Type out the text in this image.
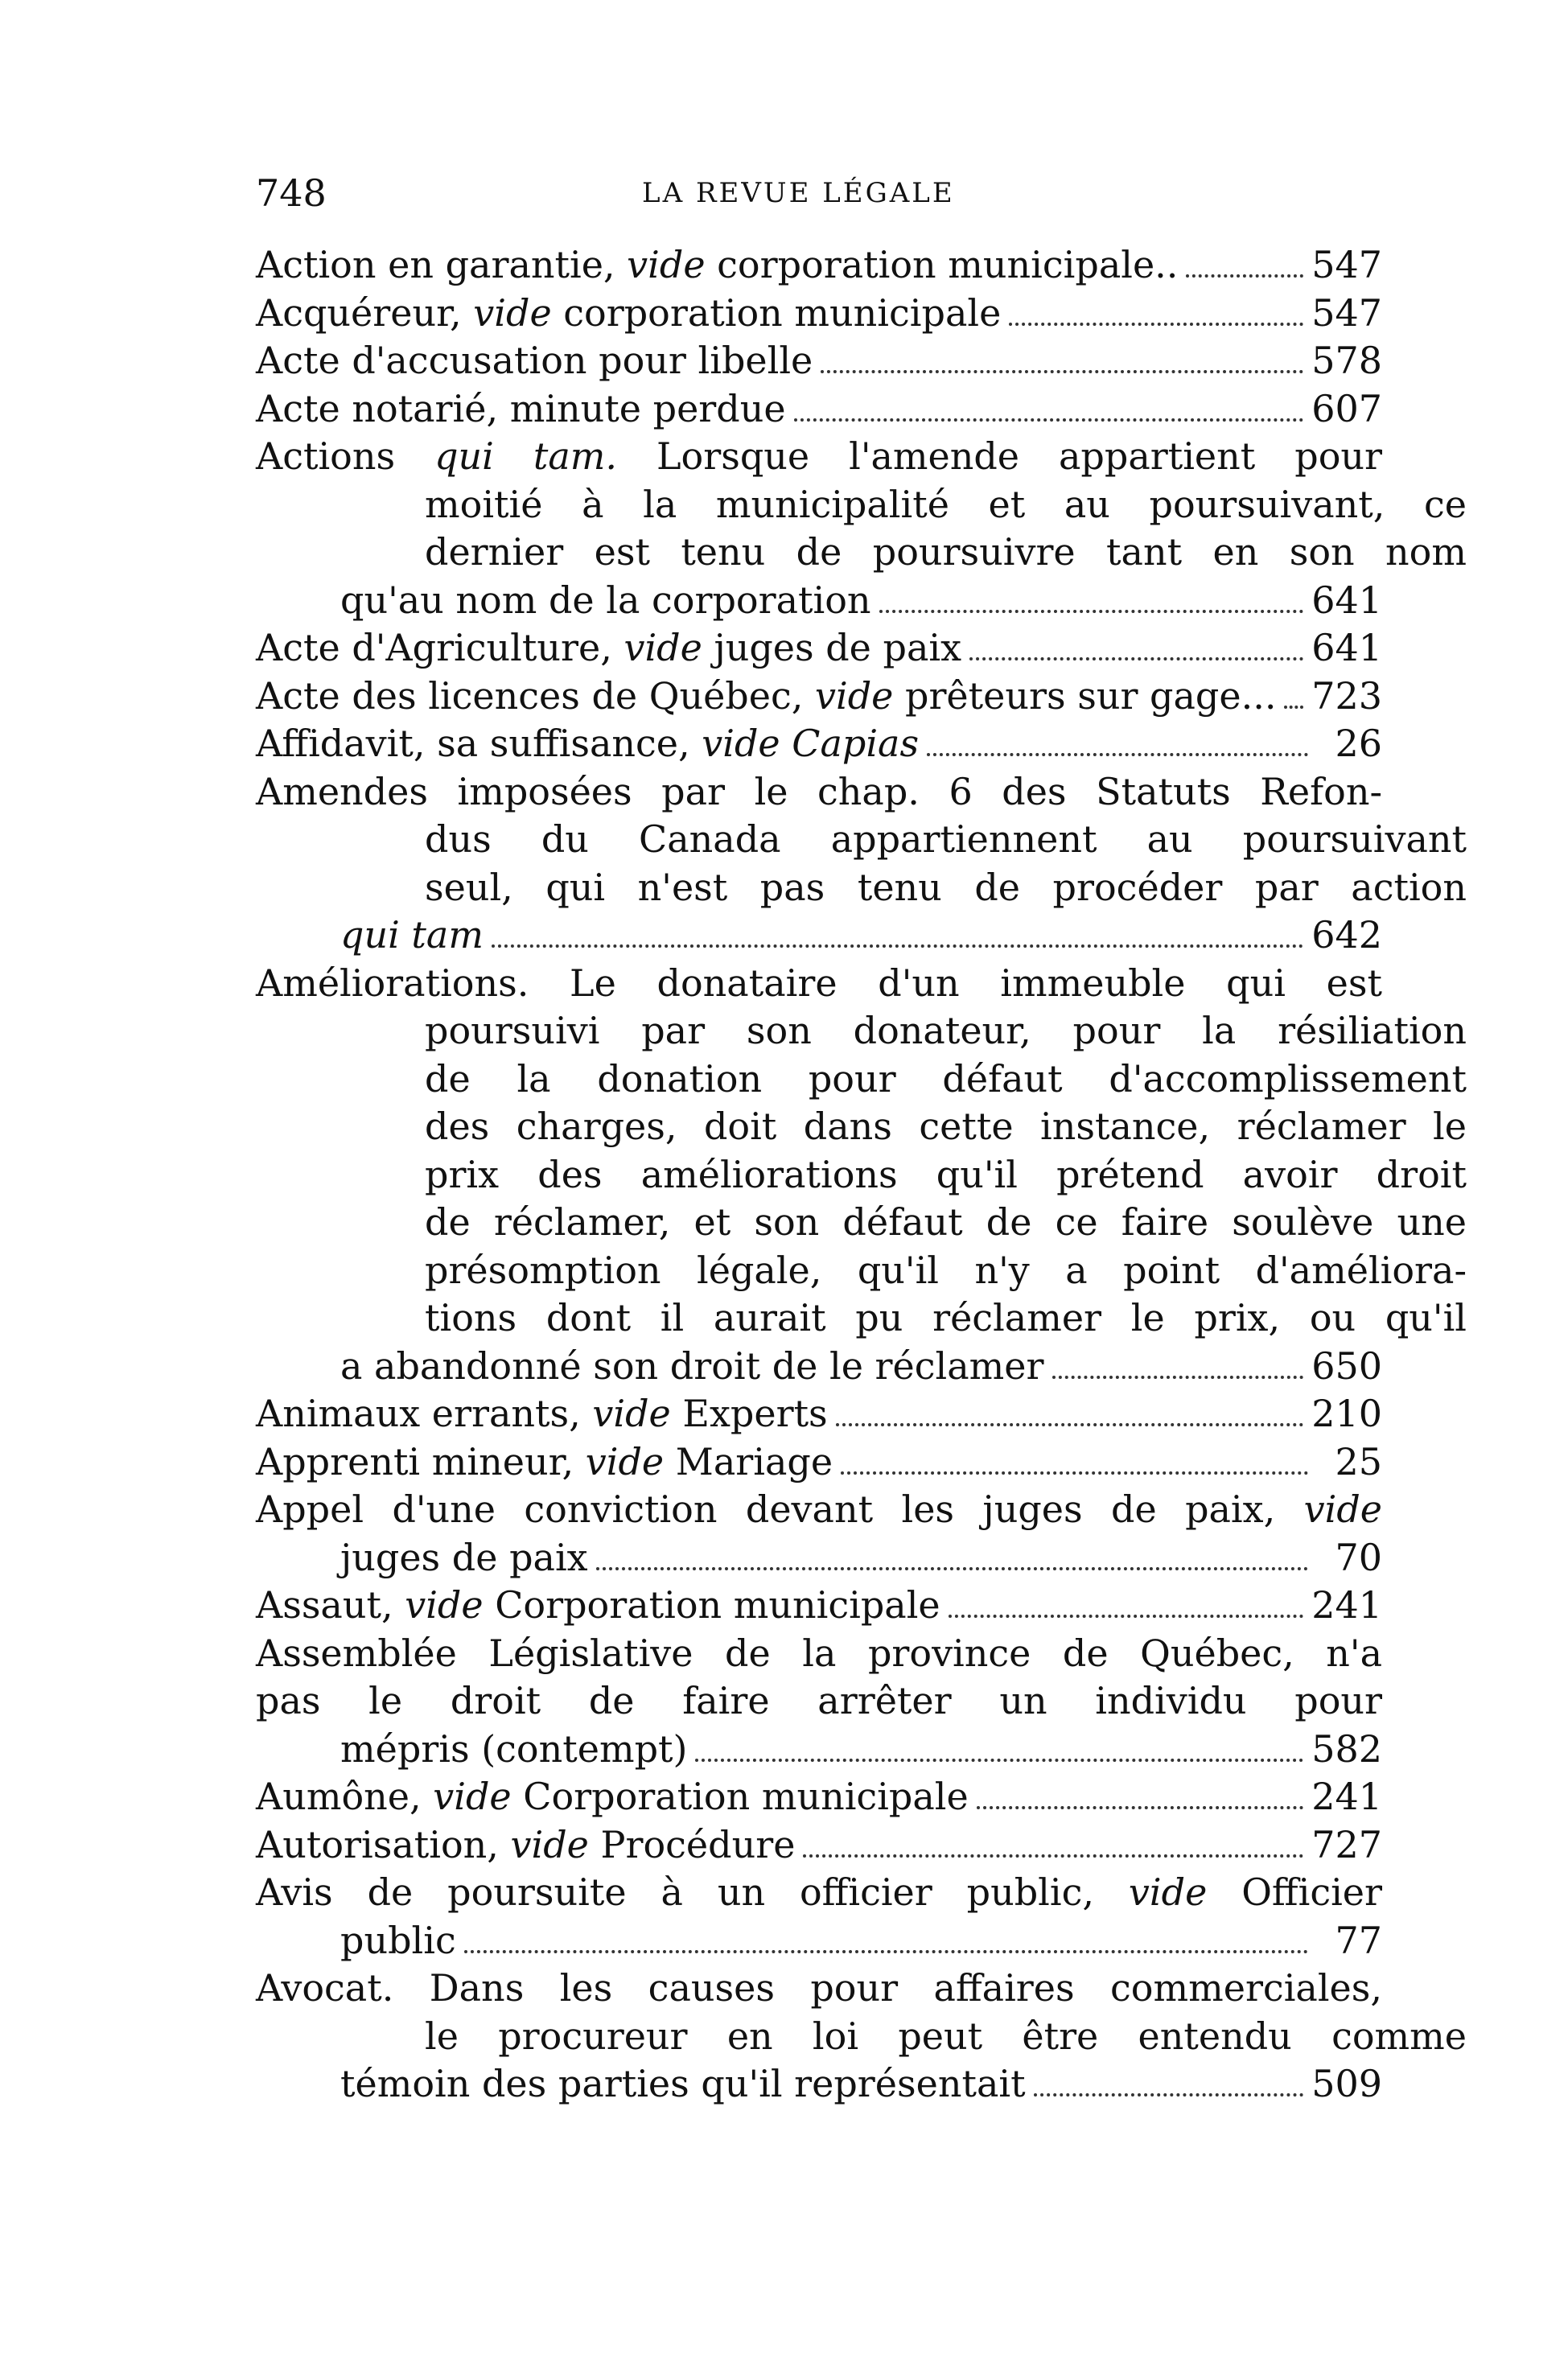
748	LA REVUE LÉGALE
Action en garantie, vide corporation municipale..	547
Acquéreur, vide corporation municipale	547
Acte d'accusation pour libelle	578
Acte notarié, minute perdue	607
Actions qui tam. Lorsque l'amende appartient pour
moitié à la municipalité et au poursuivant, ce
dernier est tenu de poursuivre tant en son nom
qu'au nom de la corporation	641
Acte d'Agriculture, vide juges de paix	641
Acte des licences de Québec, vide prêteurs sur gage... 723
Affidavit, sa suffisance, vide Capias	26
Amendes imposées par le chap. 6 des Statuts Refon-
dus du Canada appartiennent au poursuivant
seul, qui n'est pas tenu de procéder par action
qui tam	642
Améliorations. Le donataire d'un immeuble qui est
poursuivi par son donateur, pour la résiliation
de la donation pour défaut d'accomplissement
des charges, doit dans cette instance, réclamer le
prix des améliorations qu'il prétend avoir droit
de réclamer, et son défaut de ce faire soulève une
présomption légale, qu'il n'y a point d'améliora-
tions dont il aurait pu réclamer le prix, ou qu'il
a abandonné son droit de le réclamer	650
Animaux errants, vide Experts	210
Apprenti mineur, vide Mariage	25
Appel d'une conviction devant les juges de paix, vide
juges de paix	70
Assaut, vide Corporation municipale	241
Assemblée Législative de la province de Québec, n'a
pas le droit de faire arrêter un individu pour
mépris (contempt)	582
Aumône, vide Corporation municipale	241
Autorisation, vide Procédure	727
Avis de poursuite à un officier public, vide Officier
public	77
Avocat. Dans les causes pour affaires commerciales,
le procureur en loi peut être entendu comme
témoin des parties qu'il représentait	509
